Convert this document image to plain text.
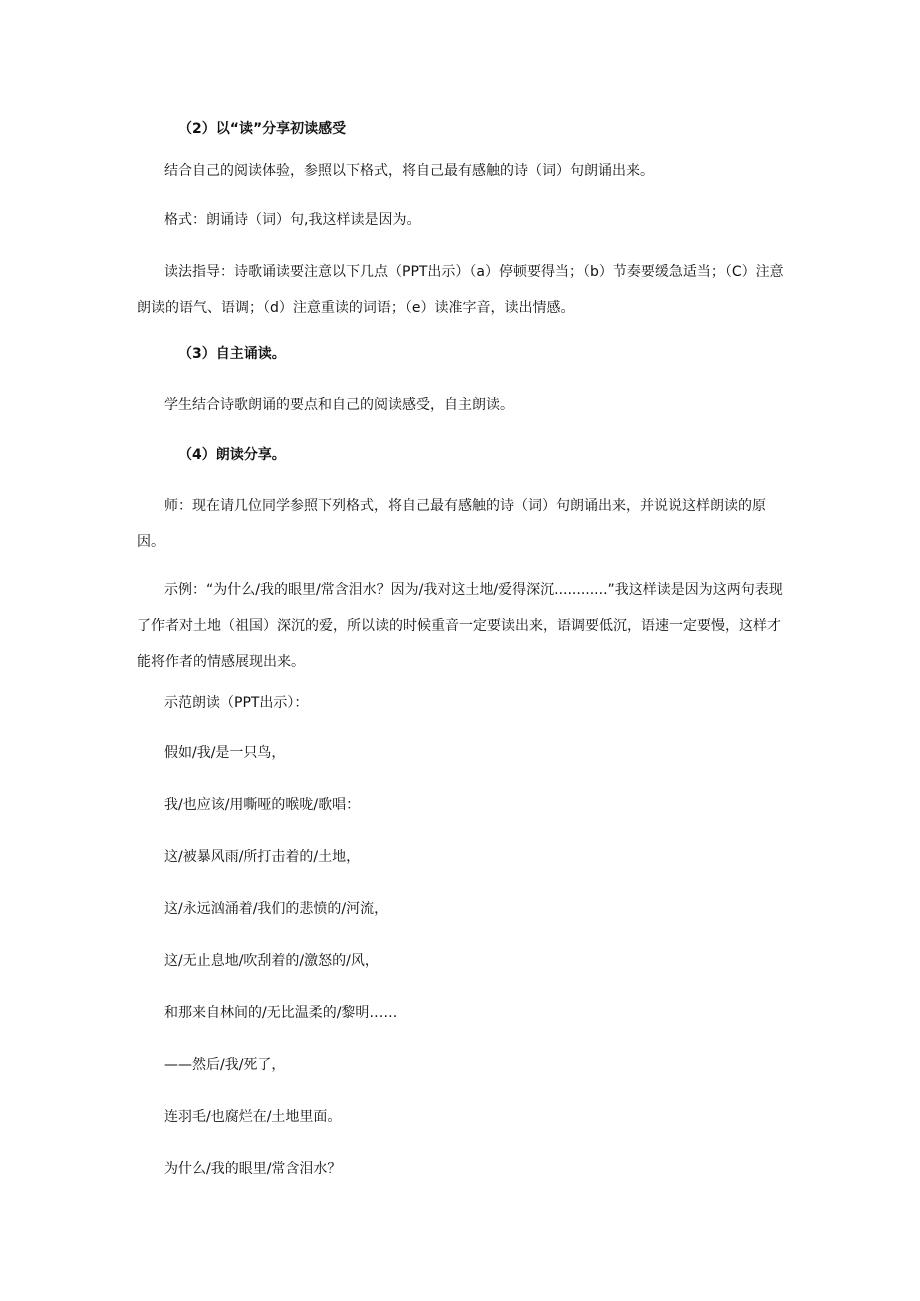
（2）以“读”分享初读感受
结合自己的阅读体验，参照以下格式，将自己最有感触的诗（词）句朗诵出来。
格式：朗诵诗（词）句,我这样读是因为。
读法指导：诗歌诵读要注意以下几点（PPT出示）（a）停顿要得当；（b）节奏要缓急适当；（C）注意朗读的语气、语调；（d）注意重读的词语；（e）读准字音，读出情感。
（3）自主诵读。
学生结合诗歌朗诵的要点和自己的阅读感受，自主朗读。
（4）朗读分享。
师：现在请几位同学参照下列格式，将自己最有感触的诗（词）句朗诵出来，并说说这样朗读的原因。
示例：“为什么/我的眼里/常含泪水？因为/我对这土地/爱得深沉............”我这样读是因为这两句表现了作者对土地（祖国）深沉的爱，所以读的时候重音一定要读出来，语调要低沉，语速一定要慢，这样才能将作者的情感展现出来。
示范朗读（PPT出示）：
假如/我/是一只鸟，
我/也应该/用嘶哑的喉咙/歌唱：
这/被暴风雨/所打击着的/土地，
这/永远汹涌着/我们的悲愤的/河流，
这/无止息地/吹刮着的/激怒的/风，
和那来自林间的/无比温柔的/黎明……
——然后/我/死了，
连羽毛/也腐烂在/土地里面。
为什么/我的眼里/常含泪水？
